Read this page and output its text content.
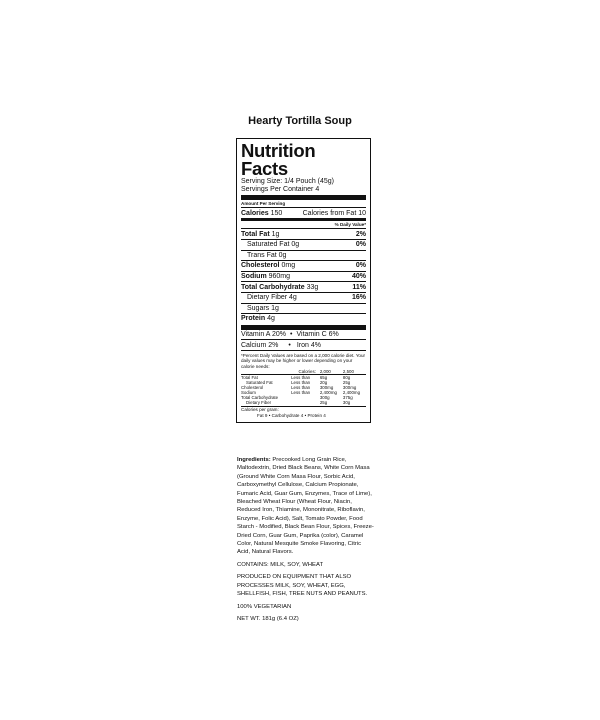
Hearty Tortilla Soup
Nutrition Facts
Serving Size: 1/4 Pouch (45g)
Servings Per Container 4
Amount Per Serving
Calories 150	Calories from Fat 10
% Daily Value*
Total Fat 1g	2%
Saturated Fat 0g	0%
Trans Fat 0g
Cholesterol 0mg	0%
Sodium 960mg	40%
Total Carbohydrate 33g	11%
Dietary Fiber 4g	16%
Sugars 1g
Protein 4g
Vitamin A 20% • Vitamin C 6%
Calcium 2%	• Iron 4%
*Percent Daily Values are based on a 2,000 calorie diet. Your daily values may be higher or lower depending on your calorie needs:
	Calories:	2,000	2,500
Total Fat	Less than	65g	80g
Saturated Fat	Less than	20g	25g
Cholesterol	Less than	300mg	300mg
Sodium	Less than	2,400mg	2,400mg
Total Carbohydrate		300g	375g
Dietary Fiber		25g	30g
Calories per gram:
Fat 9 • Carbohydrate 4 • Protein 4

Ingredients: Precooked Long Grain Rice, Maltodextrin, Dried Black Beans, White Corn Masa (Ground White Corn Masa Flour, Sorbic Acid, Carboxymethyl Cellulose, Calcium Propionate, Fumaric Acid, Guar Gum, Enzymes, Trace of Lime), Bleached Wheat Flour (Wheat Flour, Niacin, Reduced Iron, Thiamine, Mononitrate, Riboflavin, Enzyme, Folic Acid), Salt, Tomato Powder, Food Starch - Modified, Black Bean Flour, Spices, Freeze-Dried Corn, Guar Gum, Paprika (color), Caramel Color, Natural Mesquite Smoke Flavoring, Citric Acid, Natural Flavors.

CONTAINS: MILK, SOY, WHEAT

PRODUCED ON EQUIPMENT THAT ALSO PROCESSES MILK, SOY, WHEAT, EGG, SHELLFISH, FISH, TREE NUTS AND PEANUTS.

100% VEGETARIAN

NET WT. 181g (6.4 OZ)
